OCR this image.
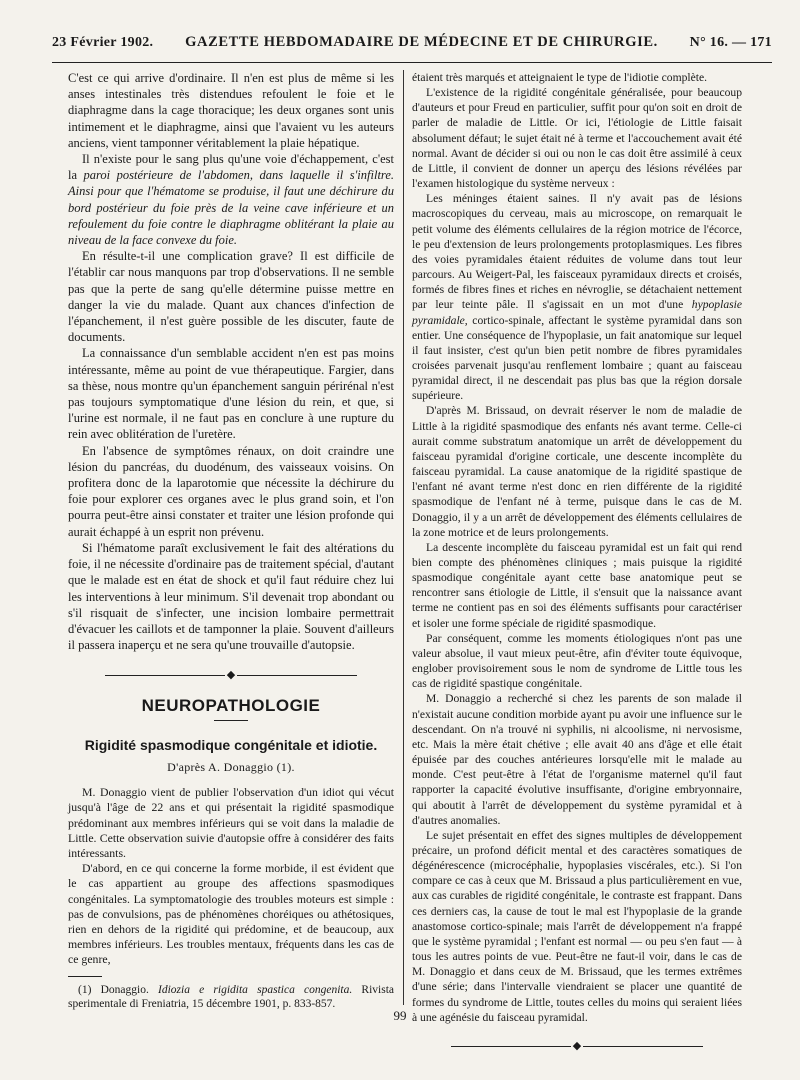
23 Février 1902. GAZETTE HEBDOMADAIRE DE MÉDECINE ET DE CHIRURGIE. N° 16. — 171

C'est ce qui arrive d'ordinaire. Il n'en est plus de même si les anses intestinales très distendues refoulent le foie et le diaphragme dans la cage thoracique; les deux organes sont unis intimement et le diaphragme, ainsi que l'avaient vu les auteurs anciens, vient tamponner véritablement la plaie hépatique.

Il n'existe pour le sang plus qu'une voie d'échappement, c'est la paroi postérieure de l'abdomen, dans laquelle il s'infiltre. Ainsi pour que l'hématome se produise, il faut une déchirure du bord postérieur du foie près de la veine cave inférieure et un refoulement du foie contre le diaphragme oblitérant la plaie au niveau de la face convexe du foie.

En résulte-t-il une complication grave? Il est difficile de l'établir car nous manquons par trop d'observations. Il ne semble pas que la perte de sang qu'elle détermine puisse mettre en danger la vie du malade. Quant aux chances d'infection de l'épanchement, il n'est guère possible de les discuter, faute de documents.

La connaissance d'un semblable accident n'en est pas moins intéressante, même au point de vue thérapeutique. Fargier, dans sa thèse, nous montre qu'un épanchement sanguin périrénal n'est pas toujours symptomatique d'une lésion du rein, et que, si l'urine est normale, il ne faut pas en conclure à une rupture du rein avec oblitération de l'uretère.

En l'absence de symptômes rénaux, on doit craindre une lésion du pancréas, du duodénum, des vaisseaux voisins. On profitera donc de la laparotomie que nécessite la déchirure du foie pour explorer ces organes avec le plus grand soin, et l'on pourra peut-être ainsi constater et traiter une lésion profonde qui aurait échappé à un esprit non prévenu.

Si l'hématome paraît exclusivement le fait des altérations du foie, il ne nécessite d'ordinaire pas de traitement spécial, d'autant que le malade est en état de shock et qu'il faut réduire chez lui les interventions à leur minimum. S'il devenait trop abondant ou s'il risquait de s'infecter, une incision lombaire permettrait d'évacuer les caillots et de tamponner la plaie. Souvent d'ailleurs il passera inaperçu et ne sera qu'une trouvaille d'autopsie.

◆
NEUROPATHOLOGIE
Rigidité spasmodique congénitale et idiotie.
D'après A. Donaggio (1).

M. Donaggio vient de publier l'observation d'un idiot qui vécut jusqu'à l'âge de 22 ans et qui présentait la rigidité spasmodique prédominant aux membres inférieurs qui se voit dans la maladie de Little. Cette observation suivie d'autopsie offre à considérer des faits intéressants.

D'abord, en ce qui concerne la forme morbide, il est évident que le cas appartient au groupe des affections spasmodiques congénitales. La symptomatologie des troubles moteurs est simple : pas de convulsions, pas de phénomènes choréiques ou athétosiques, rien en dehors de la rigidité qui prédomine, et de beaucoup, aux membres inférieurs. Les troubles mentaux, fréquents dans les cas de ce genre,

(1) Donaggio. Idiozia e rigidita spastica congenita. Rivista sperimentale di Freniatria, 15 décembre 1901, p. 833-857.

étaient très marqués et atteignaient le type de l'idiotie complète.

L'existence de la rigidité congénitale généralisée, pour beaucoup d'auteurs et pour Freud en particulier, suffit pour qu'on soit en droit de parler de maladie de Little. Or ici, l'étiologie de Little faisait absolument défaut; le sujet était né à terme et l'accouchement avait été normal. Avant de décider si oui ou non le cas doit être assimilé à ceux de Little, il convient de donner un aperçu des lésions révélées par l'examen histologique du système nerveux :

Les méninges étaient saines. Il n'y avait pas de lésions macroscopiques du cerveau, mais au microscope, on remarquait le petit volume des éléments cellulaires de la région motrice de l'écorce, le peu d'extension de leurs prolongements protoplasmiques. Les fibres des voies pyramidales étaient réduites de volume dans tout leur parcours. Au Weigert-Pal, les faisceaux pyramidaux directs et croisés, formés de fibres fines et riches en névroglie, se détachaient nettement par leur teinte pâle. Il s'agissait en un mot d'une hypoplasie pyramidale, cortico-spinale, affectant le système pyramidal dans son entier. Une conséquence de l'hypoplasie, un fait anatomique sur lequel il faut insister, c'est qu'un bien petit nombre de fibres pyramidales croisées parvenait jusqu'au renflement lombaire ; quant au faisceau pyramidal direct, il ne descendait pas plus bas que la région dorsale supérieure.

D'après M. Brissaud, on devrait réserver le nom de maladie de Little à la rigidité spasmodique des enfants nés avant terme. Celle-ci aurait comme substratum anatomique un arrêt de développement du faisceau pyramidal d'origine corticale, une descente incomplète du faisceau pyramidal. La cause anatomique de la rigidité spastique de l'enfant né avant terme n'est donc en rien différente de la rigidité spasmodique de l'enfant né à terme, puisque dans le cas de M. Donaggio, il y a un arrêt de développement des éléments cellulaires de la zone motrice et de leurs prolongements.

La descente incomplète du faisceau pyramidal est un fait qui rend bien compte des phénomènes cliniques ; mais puisque la rigidité spasmodique congénitale ayant cette base anatomique peut se rencontrer sans étiologie de Little, il s'ensuit que la naissance avant terme ne contient pas en soi des éléments suffisants pour caractériser et isoler une forme spéciale de rigidité spasmodique.

Par conséquent, comme les moments étiologiques n'ont pas une valeur absolue, il vaut mieux peut-être, afin d'éviter toute équivoque, englober provisoirement sous le nom de syndrome de Little tous les cas de rigidité spastique congénitale.

M. Donaggio a recherché si chez les parents de son malade il n'existait aucune condition morbide ayant pu avoir une influence sur le descendant. On n'a trouvé ni syphilis, ni alcoolisme, ni nervosisme, etc. Mais la mère était chétive ; elle avait 40 ans d'âge et elle était épuisée par des couches antérieures lorsqu'elle mit le malade au monde. C'est peut-être à l'état de l'organisme maternel qu'il faut rapporter la capacité évolutive insuffisante, d'origine embryonnaire, qui aboutit à l'arrêt de développement du système pyramidal et à d'autres anomalies.

Le sujet présentait en effet des signes multiples de développement précaire, un profond déficit mental et des caractères somatiques de dégénérescence (microcéphalie, hypoplasies viscérales, etc.). Si l'on compare ce cas à ceux que M. Brissaud a plus particulièrement en vue, aux cas curables de rigidité congénitale, le contraste est frappant. Dans ces derniers cas, la cause de tout le mal est l'hypoplasie de la grande anastomose cortico-spinale; mais l'arrêt de développement n'a frappé que le système pyramidal ; l'enfant est normal — ou peu s'en faut — à tous les autres points de vue. Peut-être ne faut-il voir, dans le cas de M. Donaggio et dans ceux de M. Brissaud, que les termes extrêmes d'une série; dans l'intervalle viendraient se placer une quantité de formes du syndrome de Little, toutes celles du moins qui seraient liées à une agénésie du faisceau pyramidal.

◆
99
